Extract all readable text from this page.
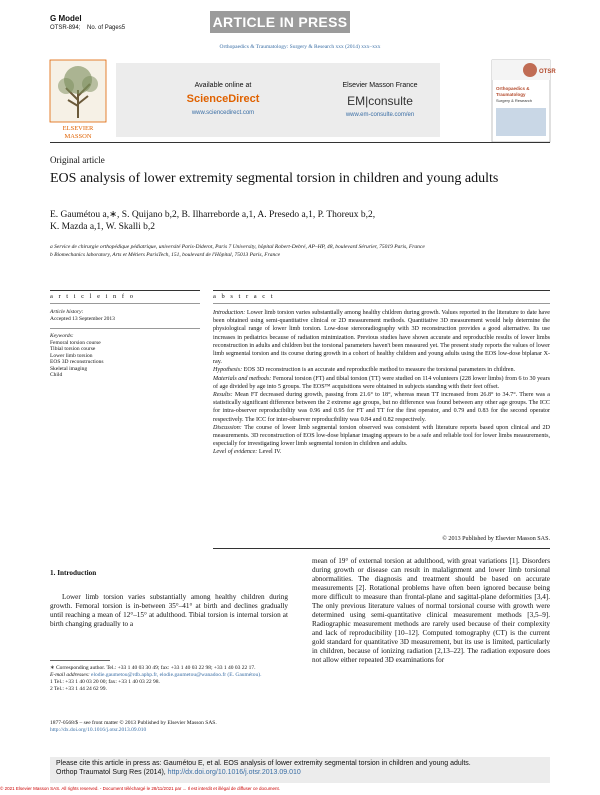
G Model
OTSR-894; No. of Pages5	ARTICLE IN PRESS
Orthopaedics & Traumatology: Surgery & Research xxx (2014) xxx–xxx
ELSEVIER
MASSON
Available online at
ScienceDirect
www.sciencedirect.com
Elsevier Masson France
EM|consulte
www.em-consulte.com/en
OTSR
Orthopaedics &
Traumatology
Surgery & Research
Original article
EOS analysis of lower extremity segmental torsion in children and young adults
E. Gaumétou a,∗, S. Quijano b,2, B. Ilharreborde a,1, A. Presedo a,1, P. Thoreux b,2,
K. Mazda a,1, W. Skalli b,2
a Service de chirurgie orthopédique pédiatrique, université Paris-Diderot, Paris 7 University, hôpital Robert-Debré, AP–HP, 48, boulevard Sérurier, 75019 Paris, France
b Biomechanics laboratory, Arts et Métiers ParisTech, 151, boulevard de l'Hôpital, 75013 Paris, France
a r t i c l e i n f o	a b s t r a c t
Article history:
Accepted 13 September 2013
Keywords:
Femoral torsion course
Tibial torsion course
Lower limb torsion
EOS 3D reconstructions
Skeletal imaging
Child

Introduction: Lower limb torsion varies substantially among healthy children during growth. Values reported in the literature to date have been obtained using semi-quantitative clinical or 2D measurement methods. Quantitative 3D measurement would help determine the physiological range of lower limb torsion. Low-dose stereoradiography with 3D reconstruction provides a good alternative. Its use increases in pediatrics because of radiation minimization. Previous studies have shown accurate and reproducible results of lower limbs reconstruction in adults and children but the torsional parameters haven't been measured yet. The present study reports the values of lower limb segmental torsion and its course during growth in a cohort of healthy children and young adults using the EOS low-dose biplanar X-ray.

Hypothesis: EOS 3D reconstruction is an accurate and reproducible method to measure the torsional parameters in children.

Materials and methods: Femoral torsion (FT) and tibial torsion (TT) were studied on 114 volunteers (228 lower limbs) from 6 to 30 years of age divided by age into 5 groups. The EOS™ acquisitions were obtained in subjects standing with their feet offset.

Results: Mean FT decreased during growth, passing from 21.6° to 18°, whereas mean TT increased from 26.8° to 34.7°. There was a statistically significant difference between the 2 extreme age groups, but no difference was found between any other age groups. The ICC for intra-observer reproducibility was 0.96 and 0.95 for FT and TT for the first operator, and 0.79 and 0.83 for the second operator respectively. The ICC for inter-observer reproducibility was 0.84 and 0.82 respectively.

Discussion: The course of lower limb segmental torsion observed was consistent with literature reports based upon clinical and 2D measurements. 3D reconstruction of EOS low-dose biplanar imaging appears to be a safe and reliable tool for lower limbs measurements, especially for investigating lower limb segmental torsion in children and adults.

Level of evidence: Level IV.

© 2013 Published by Elsevier Masson SAS.
1. Introduction

Lower limb torsion varies substantially among healthy children during growth. Femoral torsion is in-between 35°–41° at birth and declines gradually until reaching a mean of 12°–15° at adulthood. Tibial torsion is internal torsion at birth changing gradually to a

mean of 19° of external torsion at adulthood, with great variations [1]. Disorders during growth or disease can result in malalignment and lower limb torsional abnormalities. The diagnosis and treatment should be based on accurate measurements [2]. Rotational problems have often been ignored because being more difficult to measure than frontal-plane and sagittal-plane deformities [3,4]. The only previous literature values of normal torsional course with growth were determined using semi-quantitative clinical measurement methods [3,5–9]. Radiographic measurement methods are rarely used because of their complexity and lack of reproducibility [10–12]. Computed tomography (CT) is the current gold standard for quantitative 3D measurement, but its use is limited, particularly in children, because of ionizing radiation [2,13–22]. The radiation exposure does not allow either repeated 3D examinations for

∗ Corresponding author. Tel.: +33 1 40 03 30 49; fax: +33 1 40 03 22 98; +33 1 40 03 22 17.
E-mail addresses: elodie.gaumetou@rdb.aphp.fr, elodie.gaumetou@wanadoo.fr (E. Gaumétou).
1 Tel.: +33 1 40 03 20 00; fax: +33 1 40 03 22 98.
2 Tel.: +33 1 44 24 62 99.
1877-0568/$ – see front matter © 2013 Published by Elsevier Masson SAS.
http://dx.doi.org/10.1016/j.otsr.2013.09.010
Please cite this article in press as: Gaumétou E, et al. EOS analysis of lower extremity segmental torsion in children and young adults.
Orthop Traumatol Surg Res (2014), http://dx.doi.org/10.1016/j.otsr.2013.09.010
© 2021 Elsevier Masson SAS. All rights reserved. - Document téléchargé le 28/11/2021 par ... Il est interdit et illégal de diffuser ce document.
